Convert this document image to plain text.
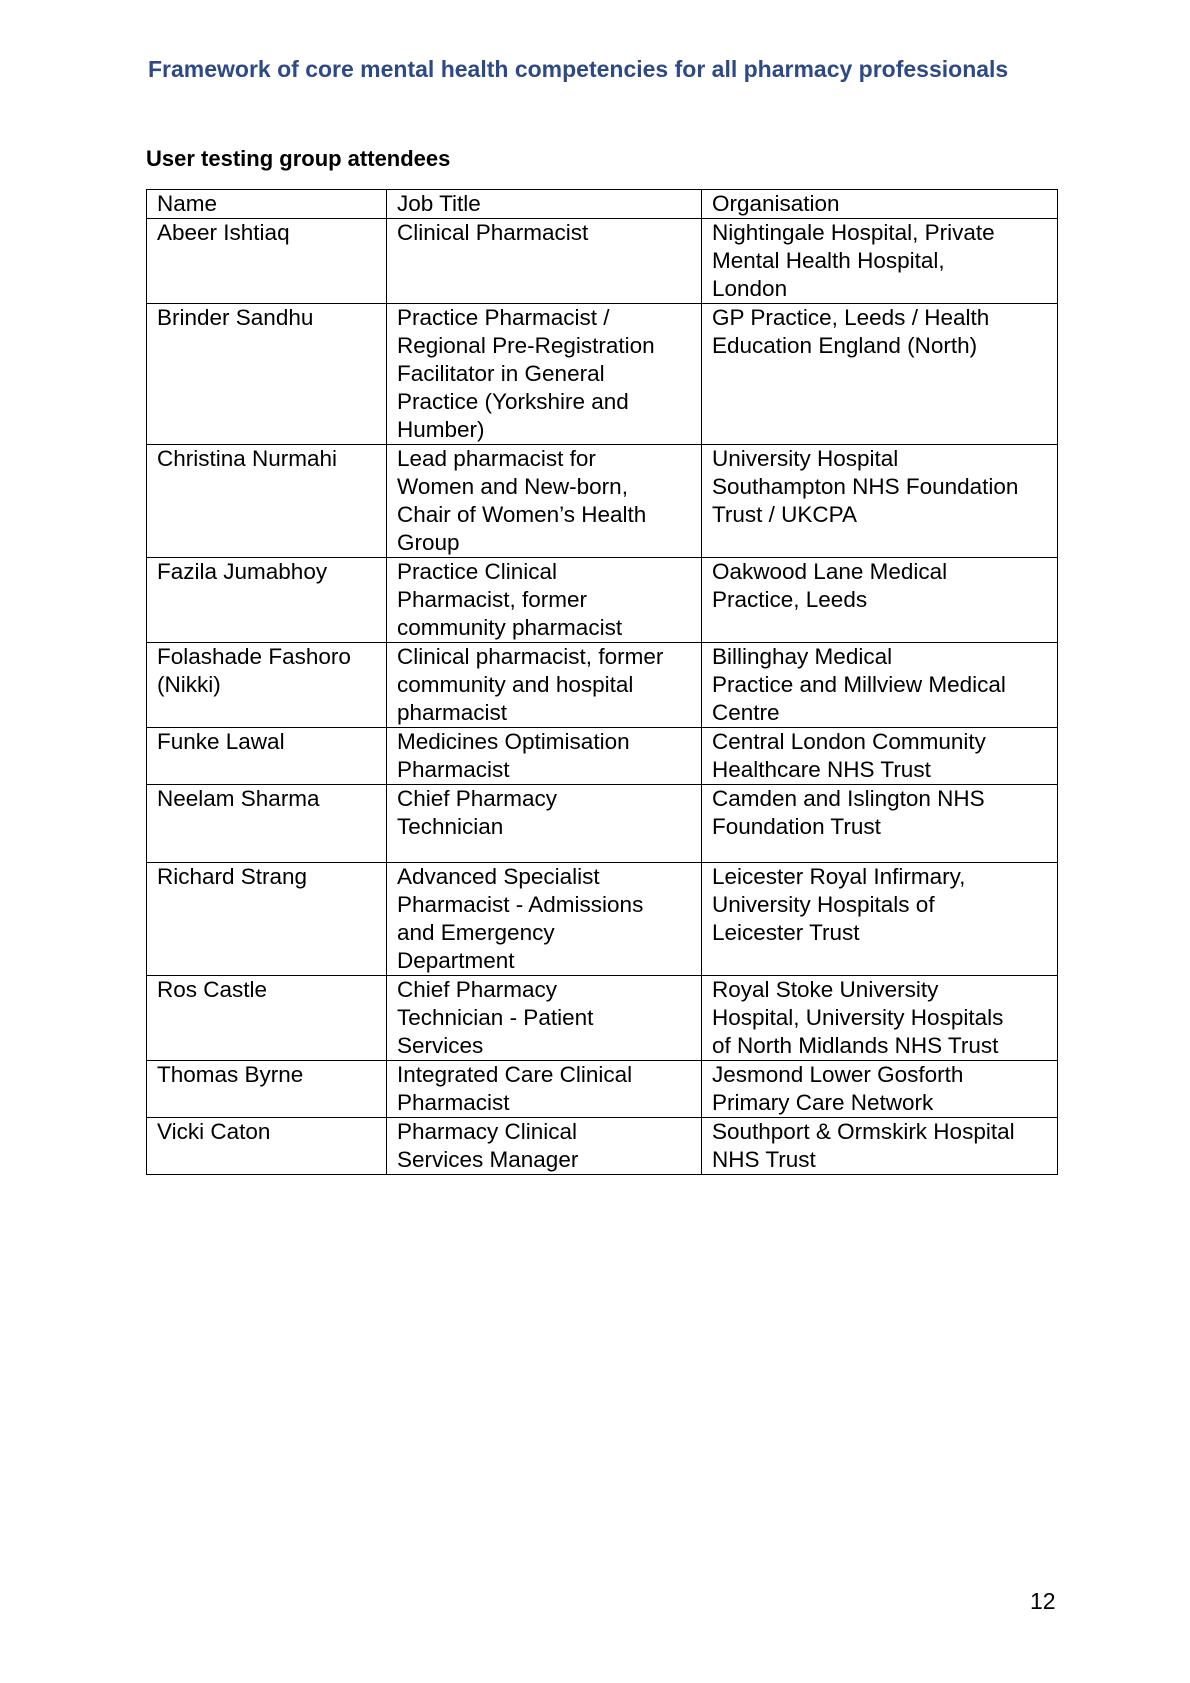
Framework of core mental health competencies for all pharmacy professionals
User testing group attendees
Name	Job Title	Organisation

Abeer Ishtiaq	Clinical Pharmacist	Nightingale Hospital, Private
Mental Health Hospital,
London

Brinder Sandhu	Practice Pharmacist /
Regional Pre-Registration
Facilitator in General
Practice (Yorkshire and
Humber)	GP Practice, Leeds / Health
Education England (North)

Christina Nurmahi	Lead pharmacist for
Women and New-born,
Chair of Women’s Health
Group	University Hospital
Southampton NHS Foundation
Trust / UKCPA

Fazila Jumabhoy	Practice Clinical
Pharmacist, former
community pharmacist	Oakwood Lane Medical
Practice, Leeds

Folashade Fashoro
(Nikki)	Clinical pharmacist, former
community and hospital
pharmacist	Billinghay Medical
Practice and Millview Medical
Centre

Funke Lawal	Medicines Optimisation
Pharmacist	Central London Community
Healthcare NHS Trust

Neelam Sharma	Chief Pharmacy
Technician	Camden and Islington NHS
Foundation Trust

Richard Strang	Advanced Specialist
Pharmacist - Admissions
and Emergency
Department	Leicester Royal Infirmary,
University Hospitals of
Leicester Trust

Ros Castle	Chief Pharmacy
Technician - Patient
Services	Royal Stoke University
Hospital, University Hospitals
of North Midlands NHS Trust

Thomas Byrne	Integrated Care Clinical
Pharmacist	Jesmond Lower Gosforth
Primary Care Network

Vicki Caton	Pharmacy Clinical
Services Manager	Southport & Ormskirk Hospital
NHS Trust
12
